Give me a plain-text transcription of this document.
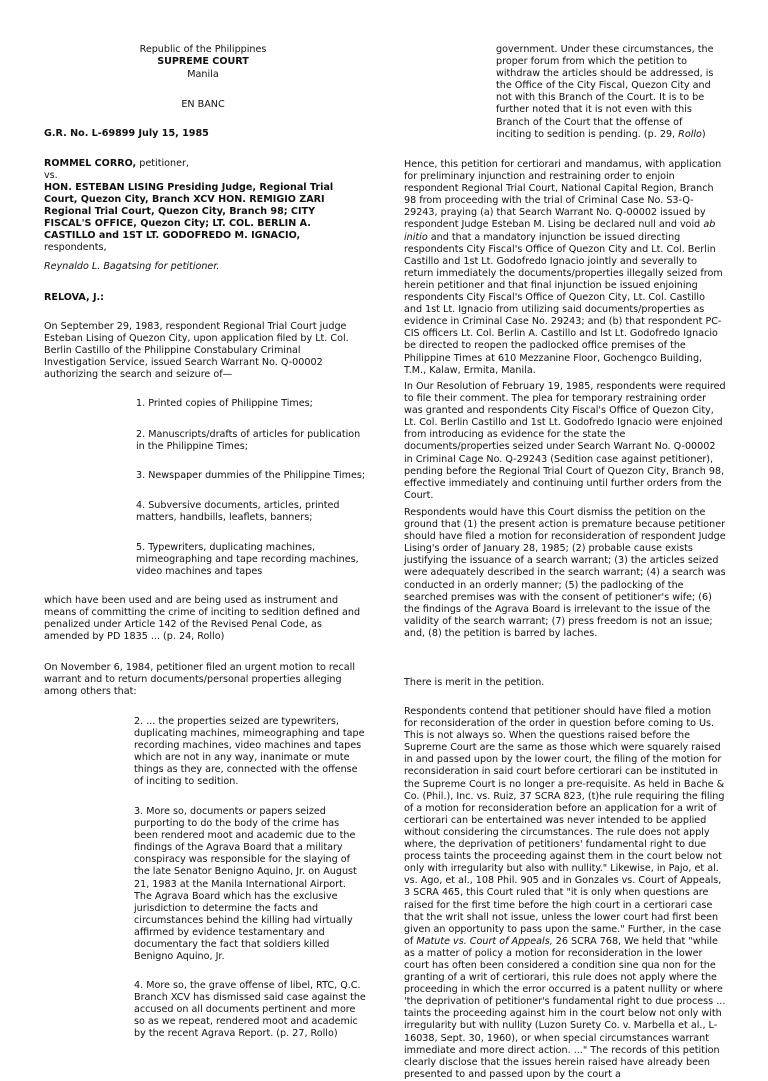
Republic of the Philippines
SUPREME COURT
Manila
EN BANC
G.R. No. L-69899 July 15, 1985
ROMMEL CORRO, petitioner,
vs.
HON. ESTEBAN LISING Presiding Judge, Regional Trial Court, Quezon City, Branch XCV HON. REMIGIO ZARI Regional Trial Court, Quezon City, Branch 98; CITY FISCAL'S OFFICE, Quezon City; LT. COL. BERLIN A. CASTILLO and 1ST LT. GODOFREDO M. IGNACIO, respondents,
Reynaldo L. Bagatsing for petitioner.
RELOVA, J.:

On September 29, 1983, respondent Regional Trial Court judge Esteban Lising of Quezon City, upon application filed by Lt. Col. Berlin Castillo of the Philippine Constabulary Criminal Investigation Service, issued Search Warrant No. Q-00002 authorizing the search and seizure of—

1. Printed copies of Philippine Times;
2. Manuscripts/drafts of articles for publication in the Philippine Times;
3. Newspaper dummies of the Philippine Times;
4. Subversive documents, articles, printed matters, handbills, leaflets, banners;
5. Typewriters, duplicating machines, mimeographing and tape recording machines, video machines and tapes

which have been used and are being used as instrument and means of committing the crime of inciting to sedition defined and penalized under Article 142 of the Revised Penal Code, as amended by PD 1835 ... (p. 24, Rollo)

On November 6, 1984, petitioner filed an urgent motion to recall warrant and to return documents/personal properties alleging among others that:

2. ... the properties seized are typewriters, duplicating machines, mimeographing and tape recording machines, video machines and tapes which are not in any way, inanimate or mute things as they are, connected with the offense of inciting to sedition.
3. More so, documents or papers seized purporting to do the body of the crime has been rendered moot and academic due to the findings of the Agrava Board that a military conspiracy was responsible for the slaying of the late Senator Benigno Aquino, Jr. on August 21, 1983 at the Manila International Airport. The Agrava Board which has the exclusive jurisdiction to determine the facts and circumstances behind the killing had virtually affirmed by evidence testamentary and documentary the fact that soldiers killed Benigno Aquino, Jr.
4. More so, the grave offense of libel, RTC, Q.C. Branch XCV has dismissed said case against the accused on all documents pertinent and more so as we repeat, rendered moot and academic by the recent Agrava Report. (p. 27, Rollo)

government. Under these circumstances, the proper forum from which the petition to withdraw the articles should be addressed, is the Office of the City Fiscal, Quezon City and not with this Branch of the Court. It is to be further noted that it is not even with this Branch of the Court that the offense of inciting to sedition is pending. (p. 29, Rollo)

Hence, this petition for certiorari and mandamus, with application for preliminary injunction and restraining order to enjoin respondent Regional Trial Court, National Capital Region, Branch 98 from proceeding with the trial of Criminal Case No. S3-Q-29243, praying (a) that Search Warrant No. Q-00002 issued by respondent Judge Esteban M. Lising be declared null and void ab initio and that a mandatory injunction be issued directing respondents City Fiscal's Office of Quezon City and Lt. Col. Berlin Castillo and 1st Lt. Godofredo Ignacio jointly and severally to return immediately the documents/properties illegally seized from herein petitioner and that final injunction be issued enjoining respondents City Fiscal's Office of Quezon City, Lt. Col. Castillo and 1st Lt. Ignacio from utilizing said documents/properties as evidence in Criminal Case No. 29243; and (b) that respondent PC-CIS officers Lt. Col. Berlin A. Castillo and lst Lt. Godofredo Ignacio be directed to reopen the padlocked office premises of the Philippine Times at 610 Mezzanine Floor, Gochengco Building, T.M., Kalaw, Ermita, Manila.

In Our Resolution of February 19, 1985, respondents were required to file their comment. The plea for temporary restraining order was granted and respondents City Fiscal's Office of Quezon City, Lt. Col. Berlin Castillo and 1st Lt. Godofredo Ignacio were enjoined from introducing as evidence for the state the documents/properties seized under Search Warrant No. Q-00002 in Criminal Cage No. Q-29243 (Sedition case against petitioner), pending before the Regional Trial Court of Quezon City, Branch 98, effective immediately and continuing until further orders from the Court.

Respondents would have this Court dismiss the petition on the ground that (1) the present action is premature because petitioner should have filed a motion for reconsideration of respondent Judge Lising's order of January 28, 1985; (2) probable cause exists justifying the issuance of a search warrant; (3) the articles seized were adequately described in the search warrant; (4) a search was conducted in an orderly manner; (5) the padlocking of the searched premises was with the consent of petitioner's wife; (6) the findings of the Agrava Board is irrelevant to the issue of the validity of the search warrant; (7) press freedom is not an issue; and, (8) the petition is barred by laches.

There is merit in the petition.

Respondents contend that petitioner should have filed a motion for reconsideration of the order in question before coming to Us. This is not always so. When the questions raised before the Supreme Court are the same as those which were squarely raised in and passed upon by the lower court, the filing of the motion for reconsideration in said court before certiorari can be instituted in the Supreme Court is no longer a pre-requisite. As held in Bache & Co. (Phil.), Inc. vs. Ruiz, 37 SCRA 823, (t)he rule requiring the filing of a motion for reconsideration before an application for a writ of certiorari can be entertained was never intended to be applied without considering the circumstances. The rule does not apply where, the deprivation of petitioners' fundamental right to due process taints the proceeding against them in the court below not only with irregularity but also with nullity." Likewise, in Pajo, et al. vs. Ago, et al., 108 Phil. 905 and in Gonzales vs. Court of Appeals, 3 SCRA 465, this Court ruled that "it is only when questions are raised for the first time before the high court in a certiorari case that the writ shall not issue, unless the lower court had first been given an opportunity to pass upon the same." Further, in the case of Matute vs. Court of Appeals, 26 SCRA 768, We held that "while as a matter of policy a motion for reconsideration in the lower court has often been considered a condition sine qua non for the granting of a writ of certiorari, this rule does not apply where the proceeding in which the error occurred is a patent nullity or where 'the deprivation of petitioner's fundamental right to due process ... taints the proceeding against him in the court below not only with irregularity but with nullity (Luzon Surety Co. v. Marbella et al., L-16038, Sept. 30, 1960), or when special circumstances warrant immediate and more direct action. ..." The records of this petition clearly disclose that the issues herein raised have already been presented to and passed upon by the court a
